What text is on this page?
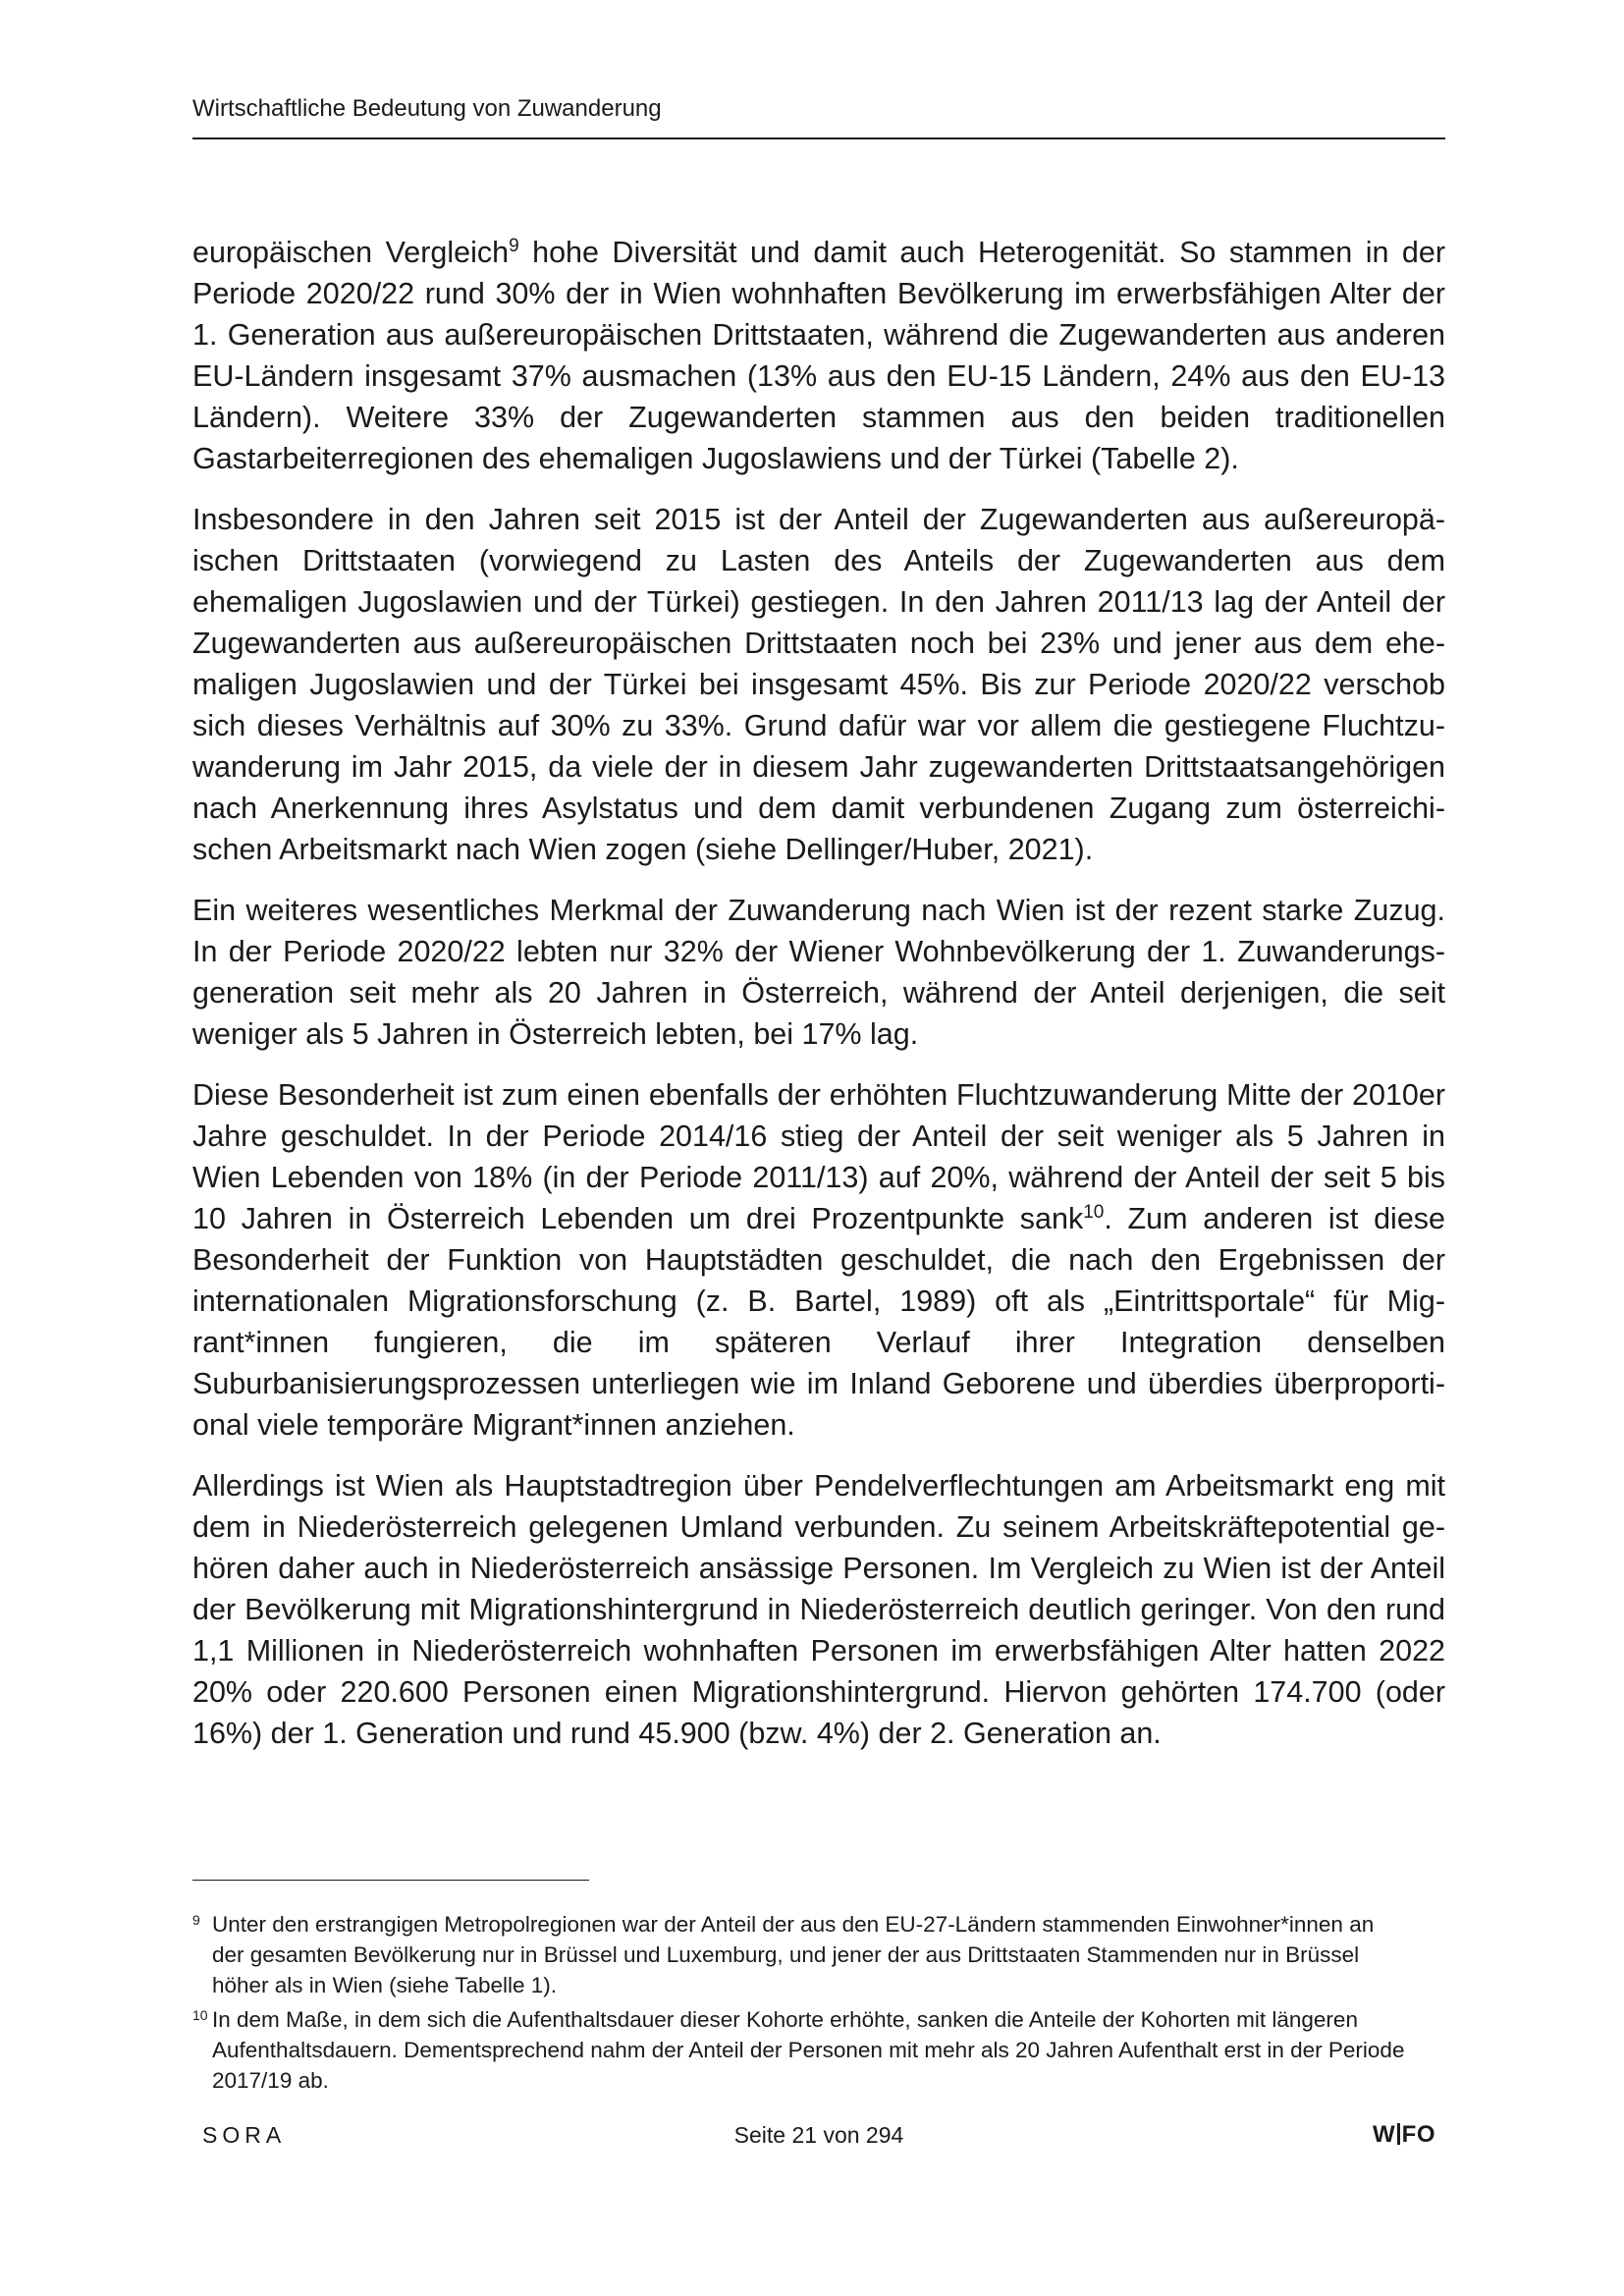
Wirtschaftliche Bedeutung von Zuwanderung

europäischen Vergleich$^9$ hohe Diversität und damit auch Heterogenität. So stammen in der Periode 2020/22 rund 30% der in Wien wohnhaften Bevölkerung im erwerbsfähigen Alter der 1. Generation aus außereuropäischen Drittstaaten, während die Zugewanderten aus anderen EU-Ländern insgesamt 37% ausmachen (13% aus den EU-15 Ländern, 24% aus den EU-13 Ländern). Weitere 33% der Zugewanderten stammen aus den beiden traditionellen Gastarbeiterregionen des ehemaligen Jugoslawiens und der Türkei (Tabelle 2).

Insbesondere in den Jahren seit 2015 ist der Anteil der Zugewanderten aus außereuropäischen Drittstaaten (vorwiegend zu Lasten des Anteils der Zugewanderten aus dem ehemaligen Jugoslawien und der Türkei) gestiegen. In den Jahren 2011/13 lag der Anteil der Zugewanderten aus außereuropäischen Drittstaaten noch bei 23% und jener aus dem ehemaligen Jugoslawien und der Türkei bei insgesamt 45%. Bis zur Periode 2020/22 verschob sich dieses Verhältnis auf 30% zu 33%. Grund dafür war vor allem die gestiegene Fluchtzuwanderung im Jahr 2015, da viele der in diesem Jahr zugewanderten Drittstaatsangehörigen nach Anerkennung ihres Asylstatus und dem damit verbundenen Zugang zum österreichischen Arbeitsmarkt nach Wien zogen (siehe Dellinger/Huber, 2021).

Ein weiteres wesentliches Merkmal der Zuwanderung nach Wien ist der rezent starke Zuzug. In der Periode 2020/22 lebten nur 32% der Wiener Wohnbevölkerung der 1. Zuwanderungsgeneration seit mehr als 20 Jahren in Österreich, während der Anteil derjenigen, die seit weniger als 5 Jahren in Österreich lebten, bei 17% lag.

Diese Besonderheit ist zum einen ebenfalls der erhöhten Fluchtzuwanderung Mitte der 2010er Jahre geschuldet. In der Periode 2014/16 stieg der Anteil der seit weniger als 5 Jahren in Wien Lebenden von 18% (in der Periode 2011/13) auf 20%, während der Anteil der seit 5 bis 10 Jahren in Österreich Lebenden um drei Prozentpunkte sank$^{10}$. Zum anderen ist diese Besonderheit der Funktion von Hauptstädten geschuldet, die nach den Ergebnissen der internationalen Migrationsforschung (z. B. Bartel, 1989) oft als „Eintrittsportale“ für Migrant*innen fungieren, die im späteren Verlauf ihrer Integration denselben Suburbanisierungsprozessen unterliegen wie im Inland Geborene und überdies überproportional viele temporäre Migrant*innen anziehen.

Allerdings ist Wien als Hauptstadtregion über Pendelverflechtungen am Arbeitsmarkt eng mit dem in Niederösterreich gelegenen Umland verbunden. Zu seinem Arbeitskräftepotential gehören daher auch in Niederösterreich ansässige Personen. Im Vergleich zu Wien ist der Anteil der Bevölkerung mit Migrationshintergrund in Niederösterreich deutlich geringer. Von den rund 1,1 Millionen in Niederösterreich wohnhaften Personen im erwerbsfähigen Alter hatten 2022 20% oder 220.600 Personen einen Migrationshintergrund. Hiervon gehörten 174.700 (oder 16%) der 1. Generation und rund 45.900 (bzw. 4%) der 2. Generation an.

9 Unter den erstrangigen Metropolregionen war der Anteil der aus den EU-27-Ländern stammenden Einwohner*innen an der gesamten Bevölkerung nur in Brüssel und Luxemburg, und jener der aus Drittstaaten Stammenden nur in Brüssel höher als in Wien (siehe Tabelle 1).
10 In dem Maße, in dem sich die Aufenthaltsdauer dieser Kohorte erhöhte, sanken die Anteile der Kohorten mit längeren Aufenthaltsdauern. Dementsprechend nahm der Anteil der Personen mit mehr als 20 Jahren Aufenthalt erst in der Periode 2017/19 ab.
SORA	Seite 21 von 294	W FO
